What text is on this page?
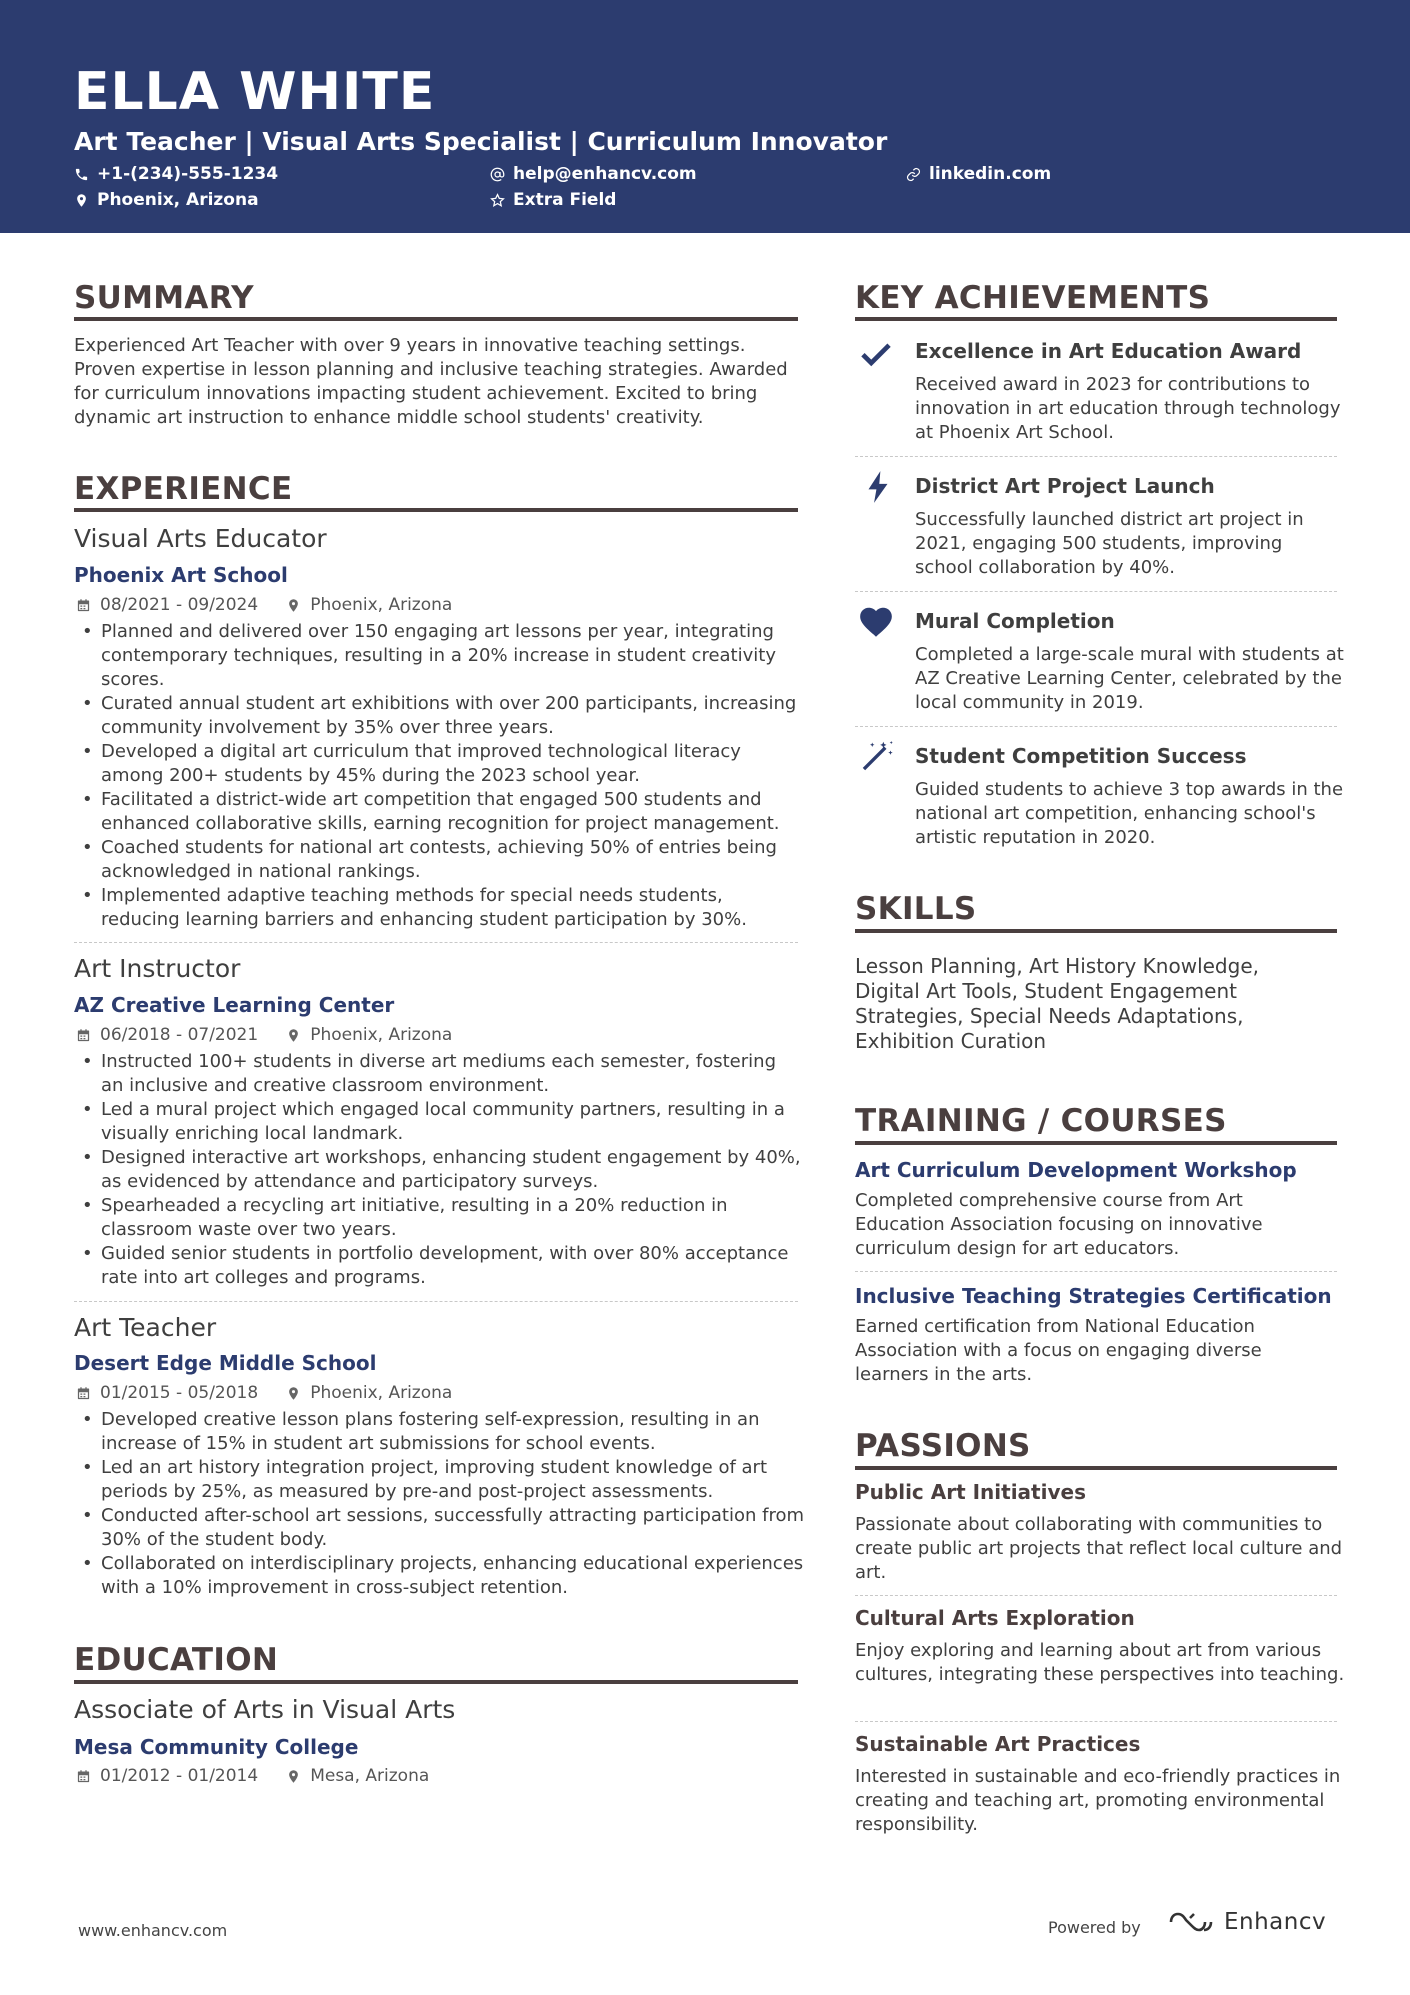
ELLA WHITE
Art Teacher | Visual Arts Specialist | Curriculum Innovator
+1-(234)-555-1234	help@enhancv.com	linkedin.com
Phoenix, Arizona	Extra Field
SUMMARY
Experienced Art Teacher with over 9 years in innovative teaching settings. Proven expertise in lesson planning and inclusive teaching strategies. Awarded for curriculum innovations impacting student achievement. Excited to bring dynamic art instruction to enhance middle school students' creativity.
EXPERIENCE
Visual Arts Educator
Phoenix Art School
08/2021 - 09/2024	Phoenix, Arizona
• Planned and delivered over 150 engaging art lessons per year, integrating contemporary techniques, resulting in a 20% increase in student creativity scores.
• Curated annual student art exhibitions with over 200 participants, increasing community involvement by 35% over three years.
• Developed a digital art curriculum that improved technological literacy among 200+ students by 45% during the 2023 school year.
• Facilitated a district-wide art competition that engaged 500 students and enhanced collaborative skills, earning recognition for project management.
• Coached students for national art contests, achieving 50% of entries being acknowledged in national rankings.
• Implemented adaptive teaching methods for special needs students, reducing learning barriers and enhancing student participation by 30%.
Art Instructor
AZ Creative Learning Center
06/2018 - 07/2021	Phoenix, Arizona
• Instructed 100+ students in diverse art mediums each semester, fostering an inclusive and creative classroom environment.
• Led a mural project which engaged local community partners, resulting in a visually enriching local landmark.
• Designed interactive art workshops, enhancing student engagement by 40%, as evidenced by attendance and participatory surveys.
• Spearheaded a recycling art initiative, resulting in a 20% reduction in classroom waste over two years.
• Guided senior students in portfolio development, with over 80% acceptance rate into art colleges and programs.
Art Teacher
Desert Edge Middle School
01/2015 - 05/2018	Phoenix, Arizona
• Developed creative lesson plans fostering self-expression, resulting in an increase of 15% in student art submissions for school events.
• Led an art history integration project, improving student knowledge of art periods by 25%, as measured by pre-and post-project assessments.
• Conducted after-school art sessions, successfully attracting participation from 30% of the student body.
• Collaborated on interdisciplinary projects, enhancing educational experiences with a 10% improvement in cross-subject retention.
EDUCATION
Associate of Arts in Visual Arts
Mesa Community College
01/2012 - 01/2014	Mesa, Arizona
KEY ACHIEVEMENTS
Excellence in Art Education Award
Received award in 2023 for contributions to innovation in art education through technology at Phoenix Art School.
District Art Project Launch
Successfully launched district art project in 2021, engaging 500 students, improving school collaboration by 40%.
Mural Completion
Completed a large-scale mural with students at AZ Creative Learning Center, celebrated by the local community in 2019.
Student Competition Success
Guided students to achieve 3 top awards in the national art competition, enhancing school's artistic reputation in 2020.
SKILLS
Lesson Planning, Art History Knowledge, Digital Art Tools, Student Engagement Strategies, Special Needs Adaptations, Exhibition Curation
TRAINING / COURSES
Art Curriculum Development Workshop
Completed comprehensive course from Art Education Association focusing on innovative curriculum design for art educators.
Inclusive Teaching Strategies Certification
Earned certification from National Education Association with a focus on engaging diverse learners in the arts.
PASSIONS
Public Art Initiatives
Passionate about collaborating with communities to create public art projects that reflect local culture and art.
Cultural Arts Exploration
Enjoy exploring and learning about art from various cultures, integrating these perspectives into teaching.
Sustainable Art Practices
Interested in sustainable and eco-friendly practices in creating and teaching art, promoting environmental responsibility.
www.enhancv.com	Powered by	Enhancv
